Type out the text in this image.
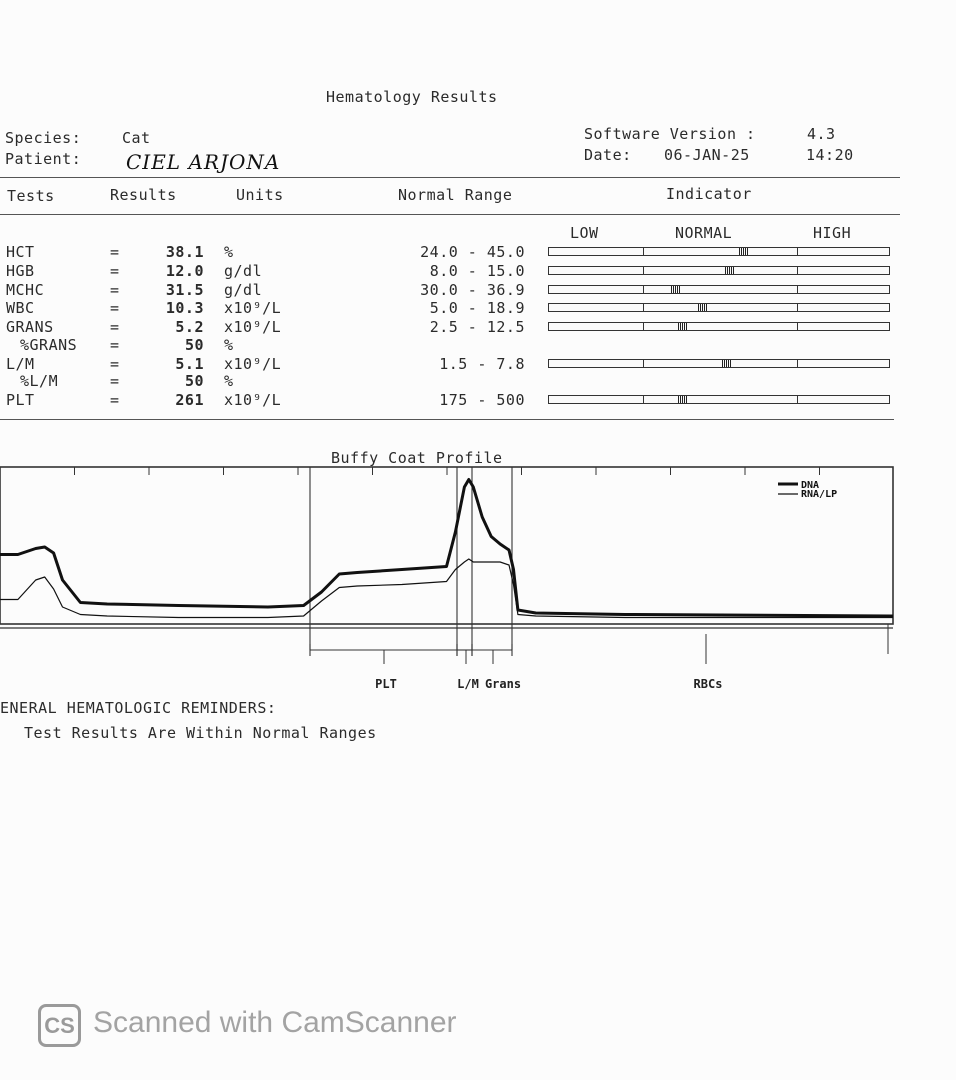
Hematology Results
Species:	Cat
Patient: CIEL ARJONA
Software Version :	4.3
Date: 06-JAN-25	14:20
Tests	Results	Units	Normal Range	Indicator
LOW	NORMAL	HIGH
HCT	=	38.1 %	24.0 - 45.0
HGB	=	12.0 g/dl	8.0 - 15.0
MCHC	=	31.5 g/dl	30.0 - 36.9
WBC	=	10.3 x10⁹/L	5.0 - 18.9
GRANS	=	5.2 x10⁹/L	2.5 - 12.5
%GRANS =	50 %
L/M	=	5.1 x10⁹/L	1.5 - 7.8
%L/M	=	50 %
PLT	=	261 x10⁹/L	175 - 500
Buffy Coat Profile
PLT	L/M Grans	RBCs
DNA
RNA/LP
ENERAL HEMATOLOGIC REMINDERS:
Test Results Are Within Normal Ranges
CS Scanned with CamScanner
